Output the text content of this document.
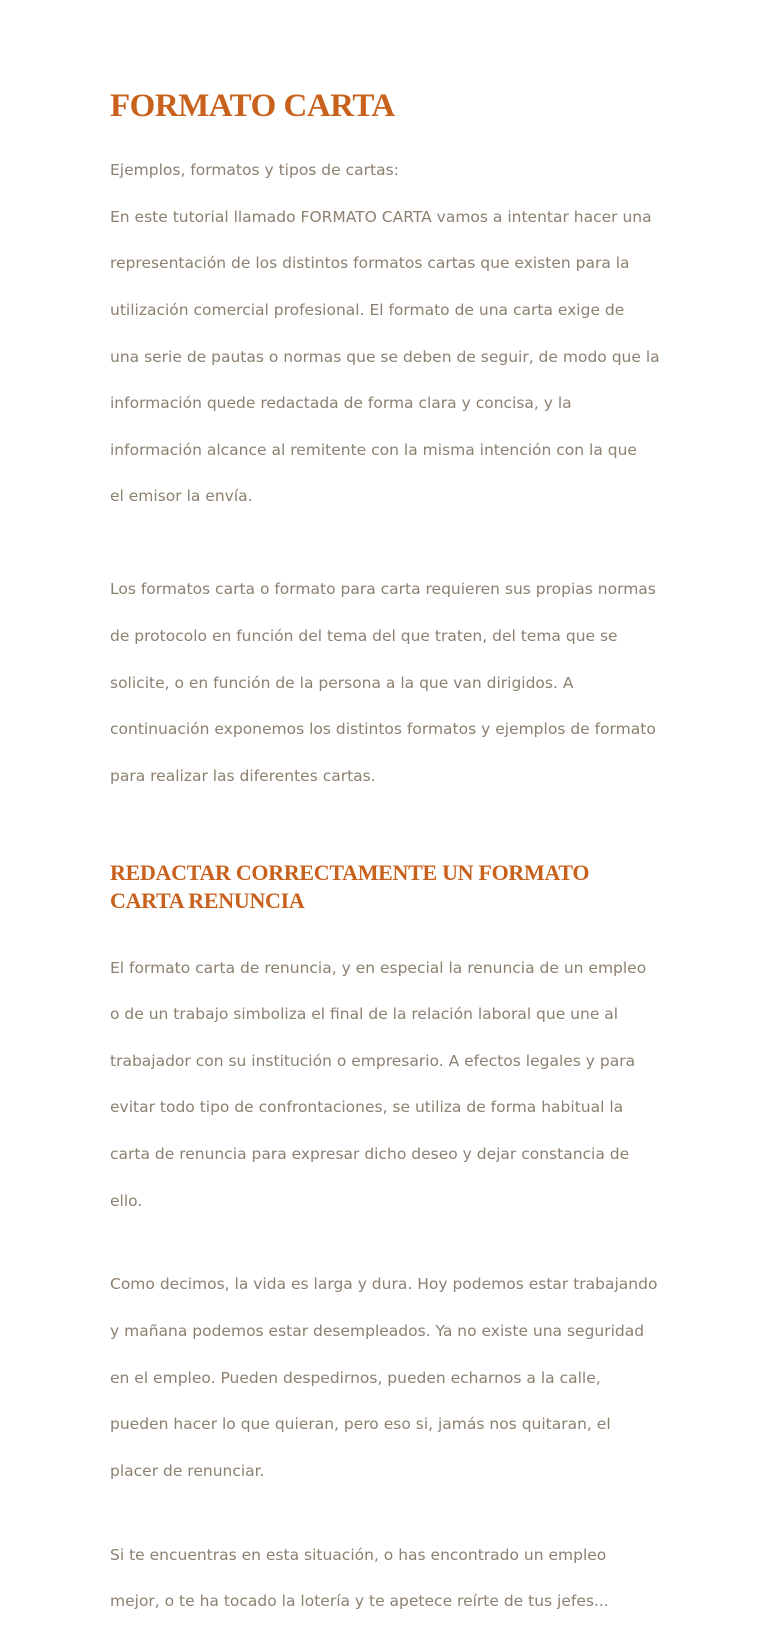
FORMATO CARTA

Ejemplos, formatos y tipos de cartas:

En este tutorial llamado FORMATO CARTA vamos a intentar hacer una

representación de los distintos formatos cartas que existen para la

utilización comercial profesional. El formato de una carta exige de

una serie de pautas o normas que se deben de seguir, de modo que la

información quede redactada de forma clara y concisa, y la

información alcance al remitente con la misma intención con la que

el emisor la envía.

Los formatos carta o formato para carta requieren sus propias normas

de protocolo en función del tema del que traten, del tema que se

solicite, o en función de la persona a la que van dirigidos. A

continuación exponemos los distintos formatos y ejemplos de formato

para realizar las diferentes cartas.

REDACTAR CORRECTAMENTE UN FORMATO
CARTA RENUNCIA

El formato carta de renuncia, y en especial la renuncia de un empleo

o de un trabajo simboliza el final de la relación laboral que une al

trabajador con su institución o empresario. A efectos legales y para

evitar todo tipo de confrontaciones, se utiliza de forma habitual la

carta de renuncia para expresar dicho deseo y dejar constancia de

ello.

Como decimos, la vida es larga y dura. Hoy podemos estar trabajando

y mañana podemos estar desempleados. Ya no existe una seguridad

en el empleo. Pueden despedirnos, pueden echarnos a la calle,

pueden hacer lo que quieran, pero eso si, jamás nos quitaran, el

placer de renunciar.

Si te encuentras en esta situación, o has encontrado un empleo

mejor, o te ha tocado la lotería y te apetece reírte de tus jefes...
